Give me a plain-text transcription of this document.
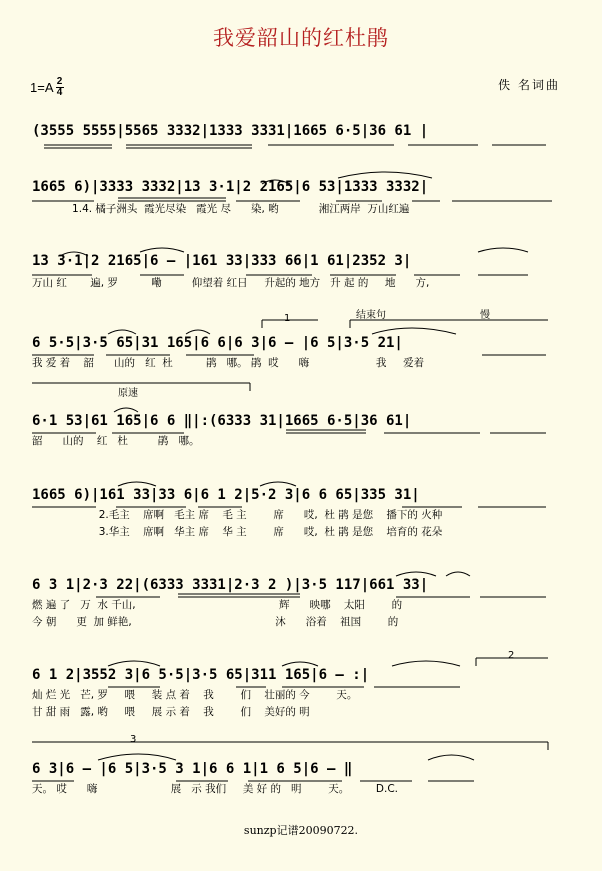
我爱韶山的红杜鹃
$1=A \frac{2}{4}$	佚 名词曲
(3555 5555|5565 3332|1333 3331|1665 6·5|36 61 |
1665 6)|3333 3332|13 3·1|2 2165|6 53|1333 3332|
1.4. 橘子洲头  霞光尽染   霞光 尽      染, 哟            湘江两岸  万山红遍
13 3·1|2 2165|6 – |161 33|333 66|1 61|2352 3|
万山 红       遍, 罗          嘞         仰望着 红日     升起的 地方   升 起 的     地      方,
结束句	慢
1
6 5·5|3·5 65|31 165|6 6|6 3|6 – |6 5|3·5 21|
我 爱 着    韶      山的   红  杜          鹃   哪。 鹃  哎      嗨                    我     爱着
原速
6·1 53|61 165|6 6 ‖|:(6333 31|1665 6·5|36 61|
韶      山的    红   杜         鹃   哪。
1665 6)|161 33|33 6|6 1 2|5·2 3|6 6 65|335 31|
2.毛主    席啊   毛主 席    毛 主        席      哎,  杜 鹃 是您    播下的 火种
3.华主    席啊   华主 席    华 主        席      哎,  杜 鹃 是您    培育的 花朵
6 3 1|2·3 22|(6333 3331|2·3 2 )|3·5 117|661 33|
燃 遍 了   万  水 千山,                                           辉      映哪    太阳        的
今 朝      更  加 鲜艳,                                           沐      浴着    祖国        的
2
6 1 2|3552 3|6 5·5|3·5 65|311 165|6 – :|
灿 烂 光   芒, 罗     喂     装 点 着    我        们    壮丽的 今        天。
甘 甜 雨   露, 哟     喂     展 示 着    我        们    美好的 明
3
6 3|6 – |6 5|3·5 3 1|6 6 1|1 6 5|6 – ‖
天。 哎      嗨                      展   示 我们     美 好 的   明        天。        D.C.
sunzp记谱20090722.
